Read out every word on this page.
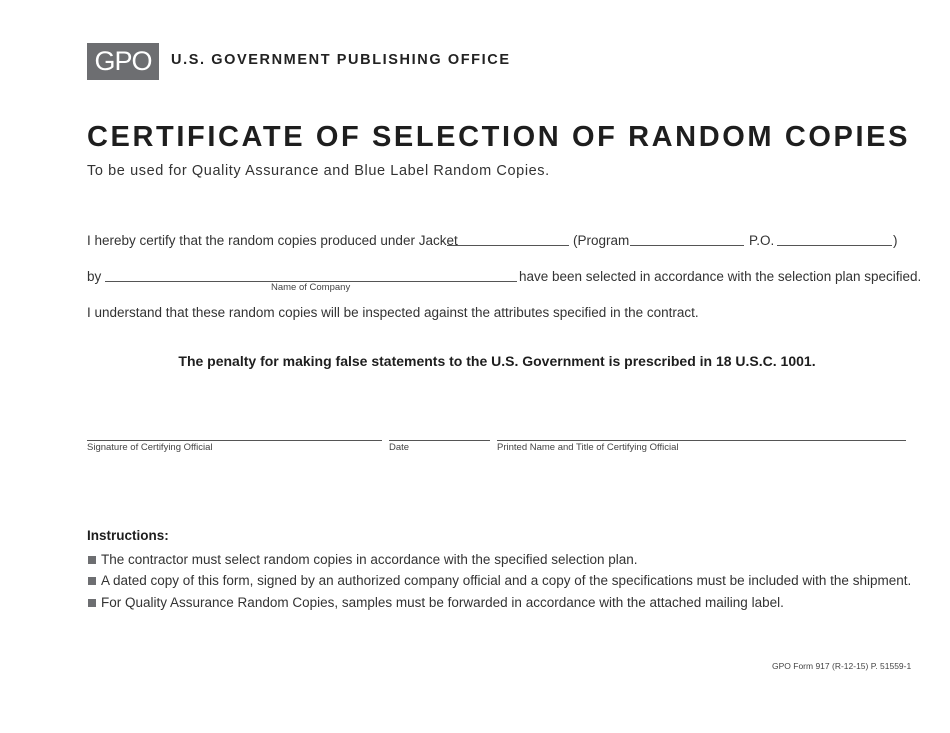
GPO	U.S. GOVERNMENT PUBLISHING OFFICE
CERTIFICATE OF SELECTION OF RANDOM COPIES
To be used for Quality Assurance and Blue Label Random Copies.
I hereby certify that the random copies produced under Jacket	(Program	P.O.	)
by
Name of Company
have been selected in accordance with the selection plan specified.
I understand that these random copies will be inspected against the attributes specified in the contract.
The penalty for making false statements to the U.S. Government is prescribed in 18 U.S.C. 1001.
Signature of Certifying Official	Date	Printed Name and Title of Certifying Official
Instructions:
The contractor must select random copies in accordance with the specified selection plan.
A dated copy of this form, signed by an authorized company official and a copy of the specifications must be included with the shipment.
For Quality Assurance Random Copies, samples must be forwarded in accordance with the attached mailing label.
GPO Form 917 (R-12-15) P. 51559-1
